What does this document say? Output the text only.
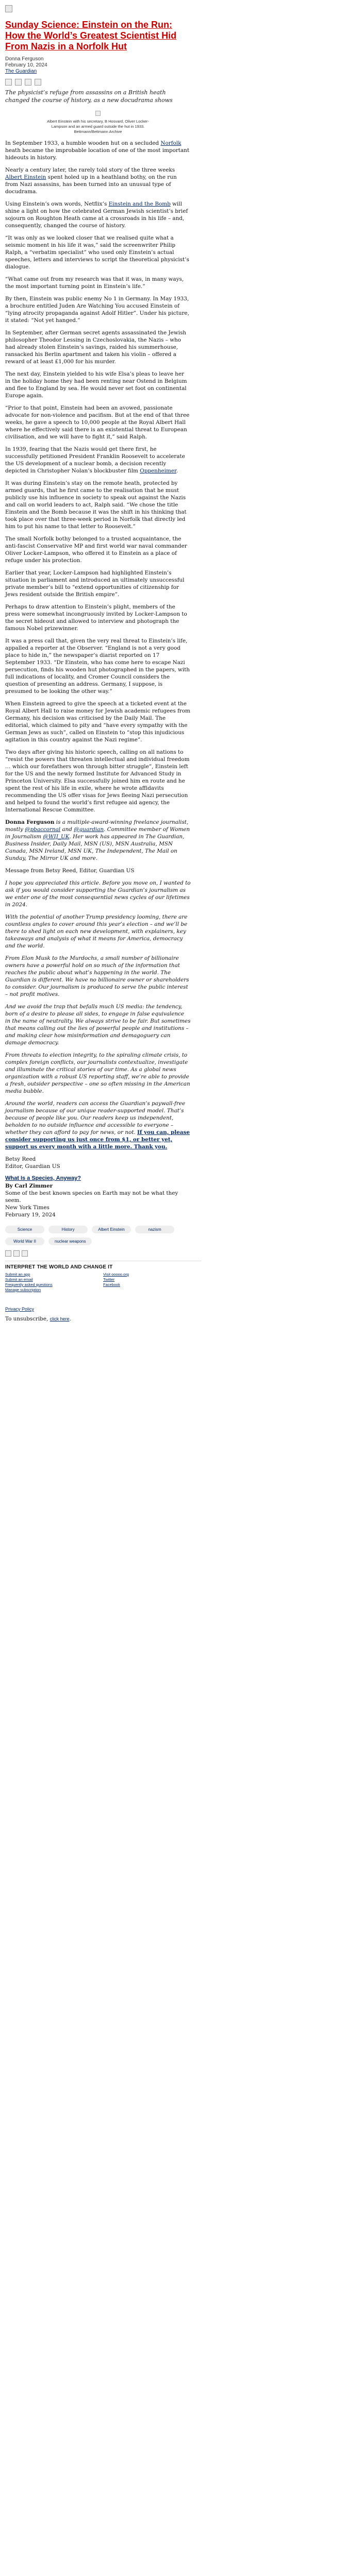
Sunday Science: Einstein on the Run: How the World’s Greatest Scientist Hid From Nazis in a Norfolk Hut
Donna Ferguson
February 10, 2024
The Guardian
The physicist’s refuge from assassins on a British heath changed the course of history, as a new docudrama shows
Albert Einstein with his secretary, B Hosvard, Oliver Locker-Lampson and an armed guard outside the hut in 1933. Bettmann/Bettmann Archive

In September 1933, a humble wooden hut on a secluded Norfolk heath became the improbable location of one of the most important hideouts in history.

Nearly a century later, the rarely told story of the three weeks Albert Einstein spent holed up in a heathland bothy, on the run from Nazi assassins, has been turned into an unusual type of docudrama.

Using Einstein’s own words, Netflix’s Einstein and the Bomb will shine a light on how the celebrated German Jewish scientist’s brief sojourn on Roughton Heath came at a crossroads in his life – and, consequently, changed the course of history.

“It was only as we looked closer that we realised quite what a seismic moment in his life it was,” said the screenwriter Philip Ralph, a “verbatim specialist” who used only Einstein’s actual speeches, letters and interviews to script the theoretical physicist’s dialogue.

“What came out from my research was that it was, in many ways, the most important turning point in Einstein’s life.”

By then, Einstein was public enemy No 1 in Germany. In May 1933, a brochure entitled Juden Are Watching You accused Einstein of “lying atrocity propaganda against Adolf Hitler”. Under his picture, it stated: “Not yet hanged.”

In September, after German secret agents assassinated the Jewish philosopher Theodor Lessing in Czechoslovakia, the Nazis – who had already stolen Einstein’s savings, raided his summerhouse, ransacked his Berlin apartment and taken his violin – offered a reward of at least £1,000 for his murder.

The next day, Einstein yielded to his wife Elsa’s pleas to leave her in the holiday home they had been renting near Ostend in Belgium and flee to England by sea. He would never set foot on continental Europe again.

“Prior to that point, Einstein had been an avowed, passionate advocate for non-violence and pacifism. But at the end of that three weeks, he gave a speech to 10,000 people at the Royal Albert Hall where he effectively said there is an existential threat to European civilisation, and we will have to fight it,” said Ralph.

In 1939, fearing that the Nazis would get there first, he successfully petitioned President Franklin Roosevelt to accelerate the US development of a nuclear bomb, a decision recently depicted in Christopher Nolan’s blockbuster film Oppenheimer.

It was during Einstein’s stay on the remote heath, protected by armed guards, that he first came to the realisation that he must publicly use his influence in society to speak out against the Nazis and call on world leaders to act, Ralph said. “We chose the title Einstein and the Bomb because it was the shift in his thinking that took place over that three-week period in Norfolk that directly led him to put his name to that letter to Roosevelt.”

The small Norfolk bothy belonged to a trusted acquaintance, the anti-fascist Conservative MP and first world war naval commander Oliver Locker-Lampson, who offered it to Einstein as a place of refuge under his protection.

Earlier that year, Locker-Lampson had highlighted Einstein’s situation in parliament and introduced an ultimately unsuccessful private member’s bill to “extend opportunities of citizenship for Jews resident outside the British empire”.

Perhaps to draw attention to Einstein’s plight, members of the press were somewhat incongruously invited by Locker-Lampson to the secret hideout and allowed to interview and photograph the famous Nobel prizewinner.

It was a press call that, given the very real threat to Einstein’s life, appalled a reporter at the Observer. “England is not a very good place to hide in,” the newspaper’s diarist reported on 17 September 1933. “Dr Einstein, who has come here to escape Nazi persecution, finds his wooden hut photographed in the papers, with full indications of locality, and Cromer Council considers the question of presenting an address. Germany, I suppose, is presumed to be looking the other way.”

When Einstein agreed to give the speech at a ticketed event at the Royal Albert Hall to raise money for Jewish academic refugees from Germany, his decision was criticised by the Daily Mail. The editorial, which claimed to pity and “have every sympathy with the German Jews as such”, called on Einstein to “stop this injudicious agitation in this country against the Nazi regime”.

Two days after giving his historic speech, calling on all nations to “resist the powers that threaten intellectual and individual freedom … which our forefathers won through bitter struggle”, Einstein left for the US and the newly formed Institute for Advanced Study in Princeton University. Elsa successfully joined him en route and he spent the rest of his life in exile, where he wrote affidavits recommending the US offer visas for Jews fleeing Nazi persecution and helped to found the world’s first refugee aid agency, the International Rescue Committee.

Donna Ferguson is a multiple-award-winning freelance journalist, mostly @pbaccornal and @guardian. Committee member of Women in Journalism @WIJ_UK. Her work has appeared in The Guardian, Business Insider, Daily Mail, MSN (US), MSN Australia, MSN Canada, MSN Ireland, MSN UK, The Independent, The Mail on Sunday, The Mirror UK and more.

Message from Betsy Reed, Editor, Guardian US

I hope you appreciated this article. Before you move on, I wanted to ask if you would consider supporting the Guardian’s journalism as we enter one of the most consequential news cycles of our lifetimes in 2024.

With the potential of another Trump presidency looming, there are countless angles to cover around this year’s election – and we’ll be there to shed light on each new development, with explainers, key takeaways and analysis of what it means for America, democracy and the world.

From Elon Musk to the Murdochs, a small number of billionaire owners have a powerful hold on so much of the information that reaches the public about what’s happening in the world. The Guardian is different. We have no billionaire owner or shareholders to consider. Our journalism is produced to serve the public interest – not profit motives.

And we avoid the trap that befalls much US media: the tendency, born of a desire to please all sides, to engage in false equivalence in the name of neutrality. We always strive to be fair. But sometimes that means calling out the lies of powerful people and institutions – and making clear how misinformation and demagoguery can damage democracy.

From threats to election integrity, to the spiraling climate crisis, to complex foreign conflicts, our journalists contextualize, investigate and illuminate the critical stories of our time. As a global news organization with a robust US reporting staff, we’re able to provide a fresh, outsider perspective – one so often missing in the American media bubble.

Around the world, readers can access the Guardian’s paywall-free journalism because of our unique reader-supported model. That’s because of people like you. Our readers keep us independent, beholden to no outside influence and accessible to everyone – whether they can afford to pay for news, or not. If you can, please consider supporting us just once from $1, or better yet, support us every month with a little more. Thank you.

Betsy Reed
Editor, Guardian US

What Is a Species, Anyway?

By Carl Zimmer

Some of the best known species on Earth may not be what they seem.

New York Times

February 19, 2024

Science	History	Albert Einstein	nazism
World War II	nuclear weapons
INTERPRET THE WORLD AND CHANGE IT
Submit an app	Visit ooooo.org
Submit an email	Twitter
Frequently asked questions	Facebook
Manage subscription
Privacy Policy
To unsubscribe, click here.
